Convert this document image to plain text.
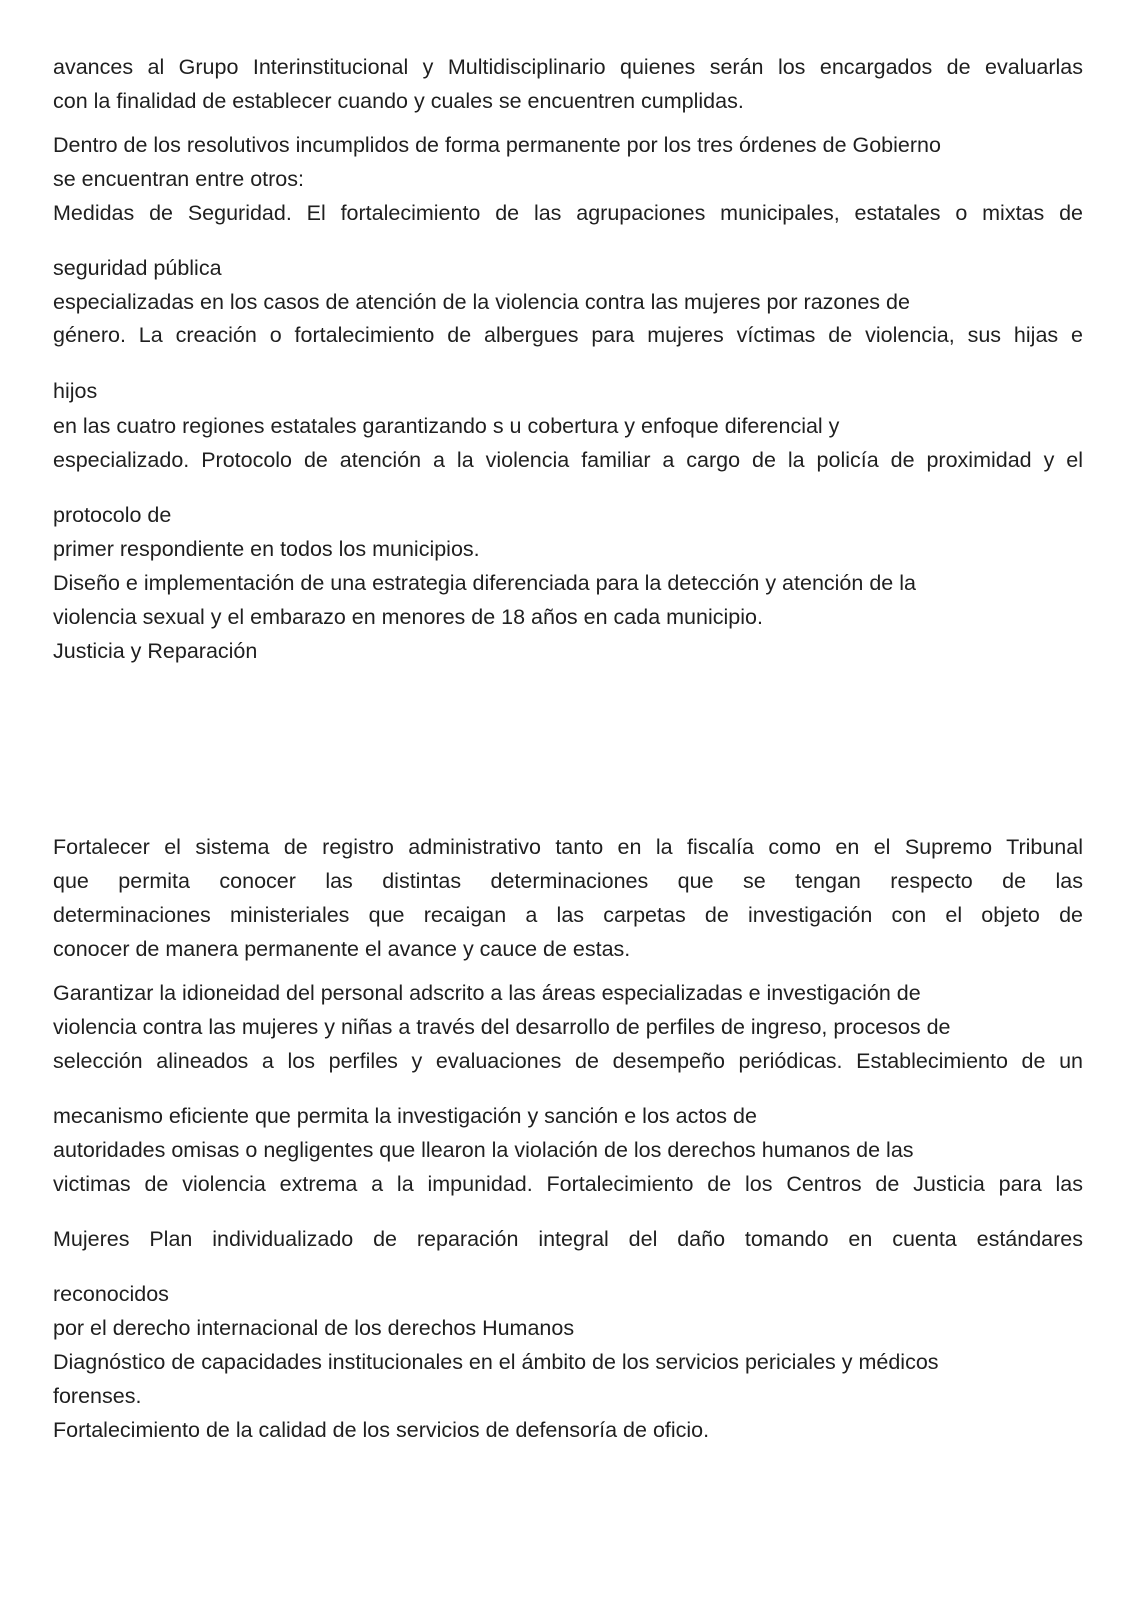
avances al Grupo Interinstitucional y Multidisciplinario quienes serán los encargados de evaluarlas
con la finalidad de establecer cuando y cuales se encuentren cumplidas.
Dentro de los resolutivos incumplidos de forma permanente por los tres órdenes de Gobierno
se encuentran entre otros:
Medidas de Seguridad. El fortalecimiento de las agrupaciones municipales, estatales o mixtas de
seguridad pública
especializadas en los casos de atención de la violencia contra las mujeres por razones de
género. La creación o fortalecimiento de albergues para mujeres víctimas de violencia, sus hijas e
hijos
en las cuatro regiones estatales garantizando s u cobertura y enfoque diferencial y
especializado. Protocolo de atención a la violencia familiar a cargo de la policía de proximidad y el
protocolo de
primer respondiente en todos los municipios.
Diseño e implementación de una estrategia diferenciada para la detección y atención de la
violencia sexual y el embarazo en menores de 18 años en cada municipio.
Justicia y Reparación
Fortalecer el sistema de registro administrativo tanto en la fiscalía como en el Supremo Tribunal
que permita conocer las distintas determinaciones que se tengan respecto de las
determinaciones ministeriales que recaigan a las carpetas de investigación con el objeto de
conocer de manera permanente el avance y cauce de estas.
Garantizar la idioneidad del personal adscrito a las áreas especializadas e investigación de
violencia contra las mujeres y niñas a través del desarrollo de perfiles de ingreso, procesos de
selección alineados a los perfiles y evaluaciones de desempeño periódicas. Establecimiento de un
mecanismo eficiente que permita la investigación y sanción e los actos de
autoridades omisas o negligentes que llearon la violación de los derechos humanos de las
victimas de violencia extrema a la impunidad. Fortalecimiento de los Centros de Justicia para las
Mujeres Plan individualizado de reparación integral del daño tomando en cuenta estándares
reconocidos
por el derecho internacional de los derechos Humanos
Diagnóstico de capacidades institucionales en el ámbito de los servicios periciales y médicos
forenses.
Fortalecimiento de la calidad de los servicios de defensoría de oficio.
